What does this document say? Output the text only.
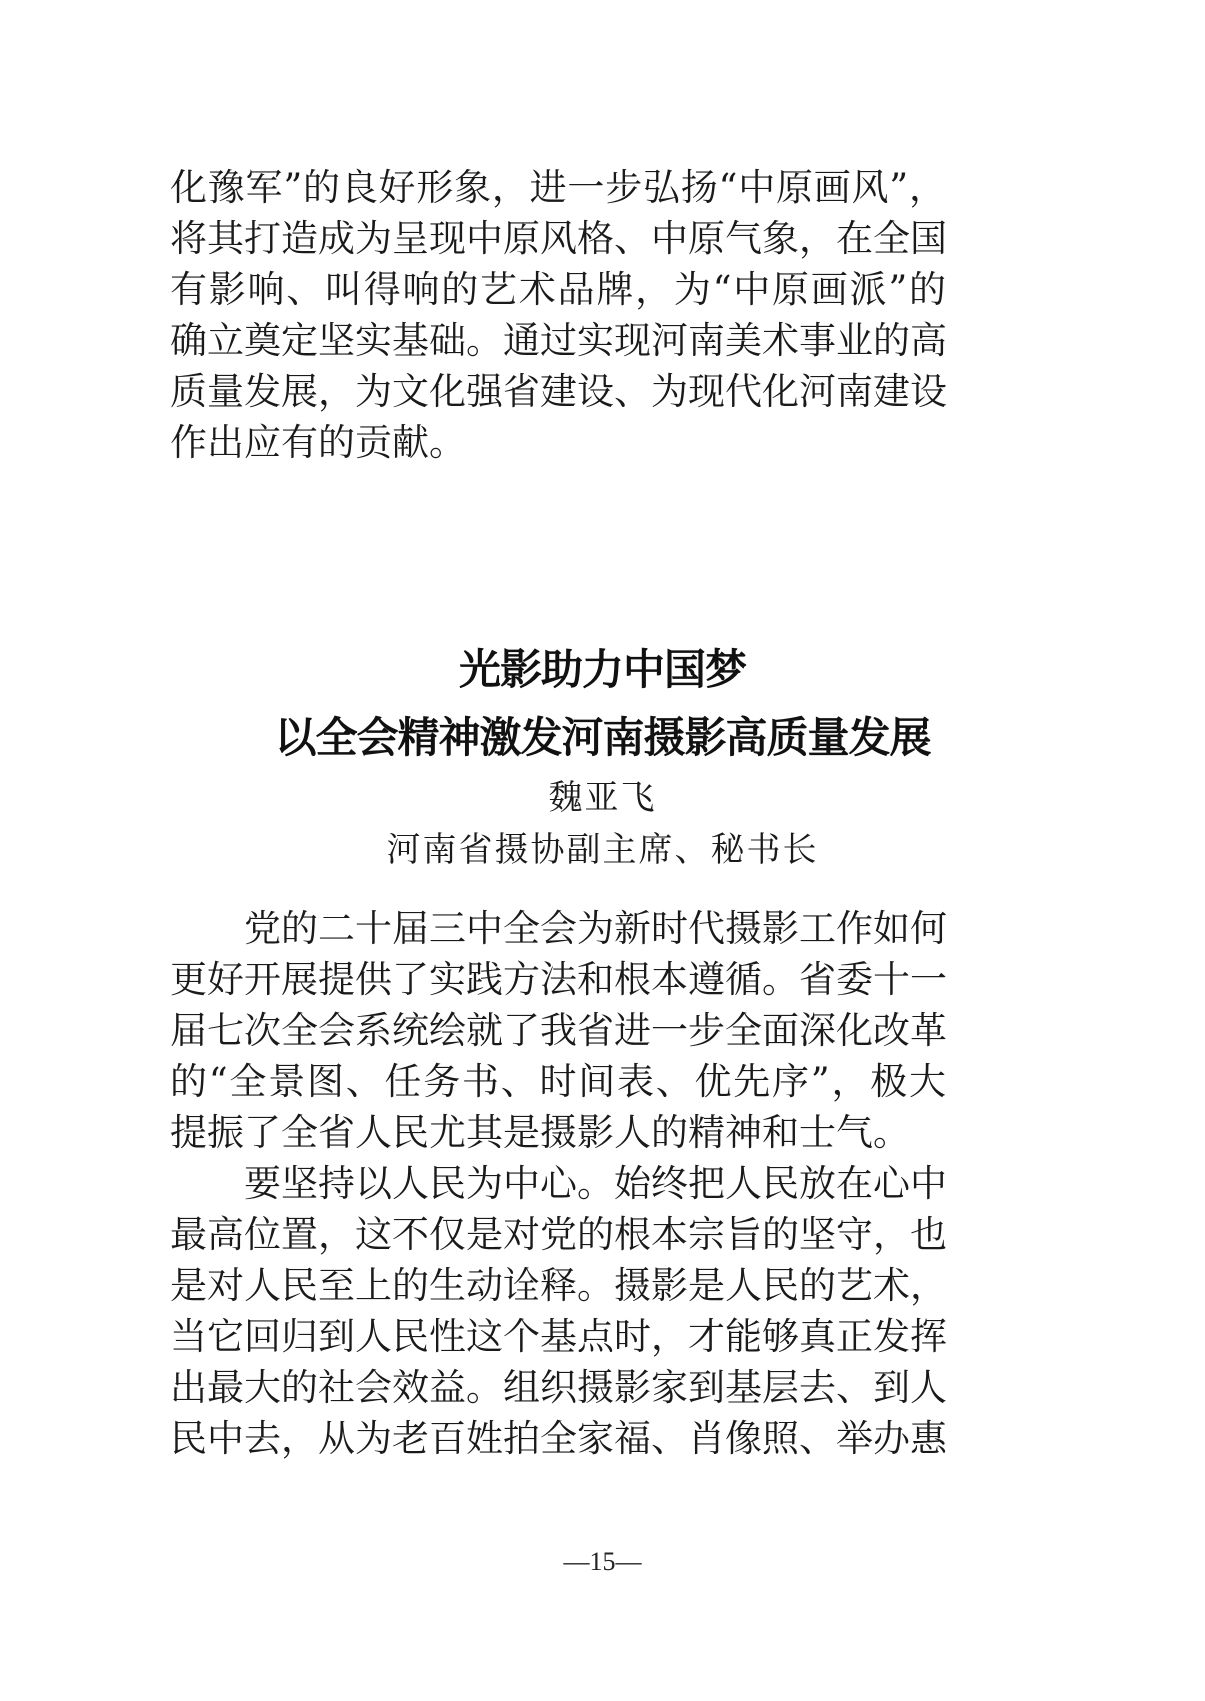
化豫军”的良好形象，进一步弘扬“中原画风”，
将其打造成为呈现中原风格、中原气象，在全国
有影响、叫得响的艺术品牌，为“中原画派”的
确立奠定坚实基础。通过实现河南美术事业的高
质量发展，为文化强省建设、为现代化河南建设
作出应有的贡献。
光影助力中国梦
以全会精神激发河南摄影高质量发展
魏亚飞
河南省摄协副主席、秘书长
党的二十届三中全会为新时代摄影工作如何
更好开展提供了实践方法和根本遵循。省委十一
届七次全会系统绘就了我省进一步全面深化改革
的“全景图、任务书、时间表、优先序”，极大
提振了全省人民尤其是摄影人的精神和士气。
要坚持以人民为中心。始终把人民放在心中
最高位置，这不仅是对党的根本宗旨的坚守，也
是对人民至上的生动诠释。摄影是人民的艺术，
当它回归到人民性这个基点时，才能够真正发挥
出最大的社会效益。组织摄影家到基层去、到人
民中去，从为老百姓拍全家福、肖像照、举办惠
—15—
